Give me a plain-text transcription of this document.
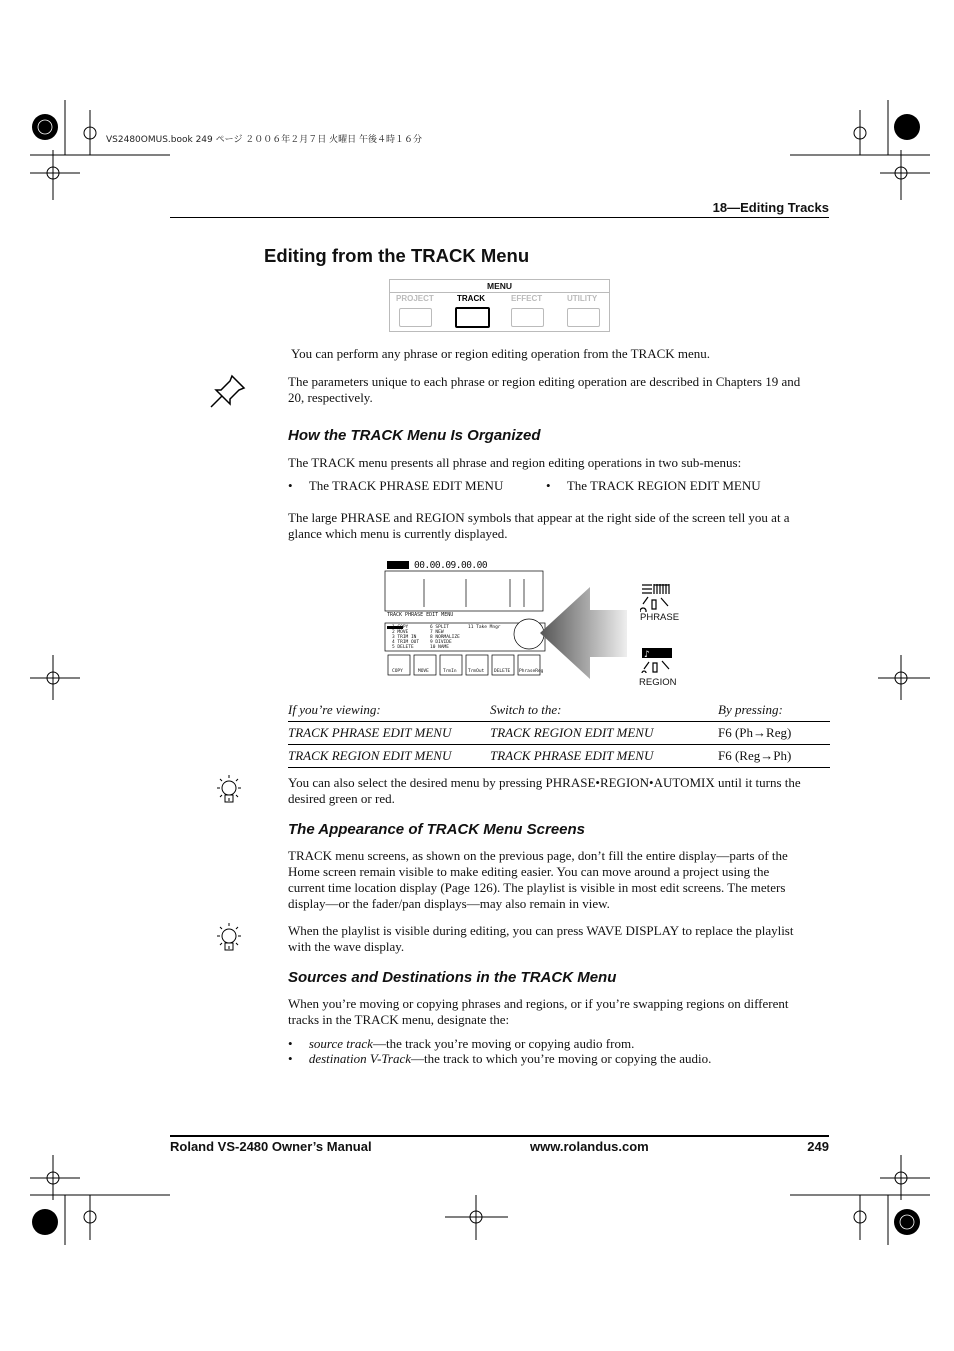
VS2480OMUS.book 249 ページ ２００６年２月７日 火曜日 午後４時１６分
18—Editing Tracks
Editing from the TRACK Menu
MENU
PROJECT	TRACK	EFFECT	UTILITY
You can perform any phrase or region editing operation from the TRACK menu.
The parameters unique to each phrase or region editing operation are described in Chapters 19 and 20, respectively.
How the TRACK Menu Is Organized
The TRACK menu presents all phrase and region editing operations in two sub-menus:
•     The TRACK PHRASE EDIT MENU	•     The TRACK REGION EDIT MENU
The large PHRASE and REGION symbols that appear at the right side of the screen tell you at a glance which menu is currently displayed.
00.00.09.00.00
TRACK PHRASE EDIT MENU
1 COPY
2 MOVE
3 TRIM IN
4 TRIM OUT
5 DELETE
6 SPLIT
7 NEW
8 NORMALIZE
9 DIVIDE
10 NAME
11 Take Mngr
COPY	MOVE	TrmIn	TrmOut DELETE PhraseReg
PHRASE
♪
REGION
If you’re viewing:	Switch to the:	By pressing:
TRACK PHRASE EDIT MENU	TRACK REGION EDIT MENU	F6 (Ph→Reg)
TRACK REGION EDIT MENU	TRACK PHRASE EDIT MENU	F6 (Reg→Ph)
You can also select the desired menu by pressing PHRASE•REGION•AUTOMIX until it turns the desired green or red.
The Appearance of TRACK Menu Screens
TRACK menu screens, as shown on the previous page, don’t fill the entire display—parts of the Home screen remain visible to make editing easier. You can move around a project using the current time location display (Page 126). The playlist is visible in most edit screens. The meters display—or the fader/pan displays—may also remain in view.
When the playlist is visible during editing, you can press WAVE DISPLAY to replace the playlist with the wave display.
Sources and Destinations in the TRACK Menu
When you’re moving or copying phrases and regions, or if you’re swapping regions on different tracks in the TRACK menu, designate the:
•     source track—the track you’re moving or copying audio from.
•     destination V-Track—the track to which you’re moving or copying the audio.
Roland VS-2480 Owner’s Manual	www.rolandus.com	249
